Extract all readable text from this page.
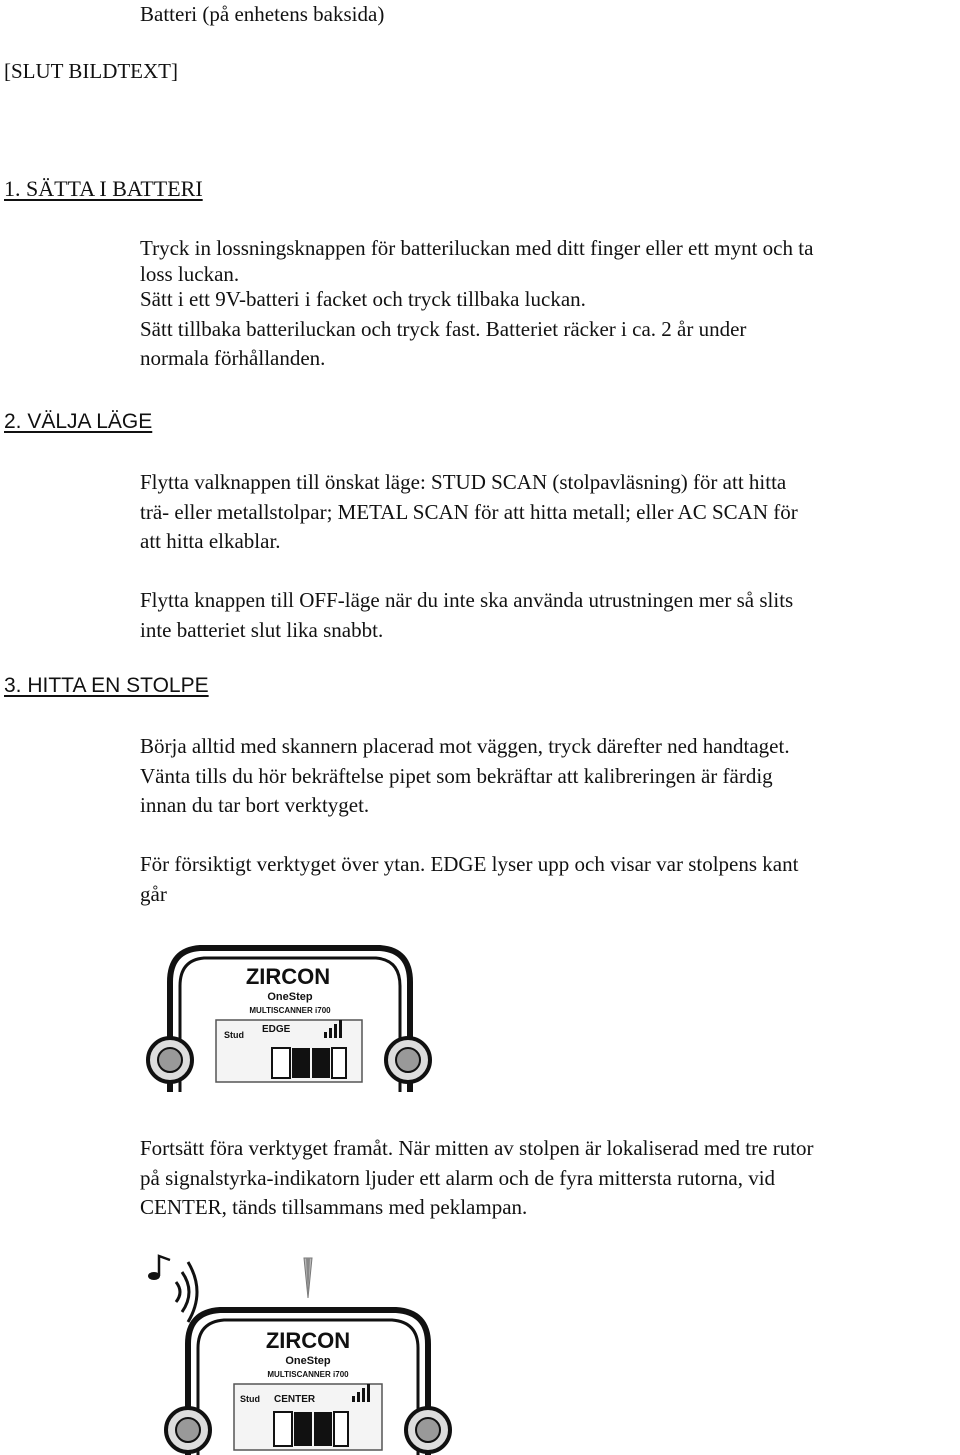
Batteri (på enhetens baksida)

[SLUT BILDTEXT]

1. SÄTTA I BATTERI
Tryck in lossningsknappen för batteriluckan med ditt finger eller ett mynt och ta
loss luckan.
Sätt i ett 9V-batteri i facket och tryck tillbaka luckan.
Sätt tillbaka batteriluckan och tryck fast. Batteriet räcker i ca. 2 år under
normala förhållanden.
2. VÄLJA LÄGE
Flytta valknappen till önskat läge: STUD SCAN (stolpavläsning) för att hitta
trä- eller metallstolpar; METAL SCAN för att hitta metall; eller AC SCAN för
att hitta elkablar.
Flytta knappen till OFF-läge när du inte ska använda utrustningen mer så slits
inte batteriet slut lika snabbt.
3. HITTA EN STOLPE
Börja alltid med skannern placerad mot väggen, tryck därefter ned handtaget.
Vänta tills du hör bekräftelse pipet som bekräftar att kalibreringen är färdig
innan du tar bort verktyget.
För försiktigt verktyget över ytan. EDGE lyser upp och visar var stolpens kant
går
ZIRCON
OneStep
MULTISCANNER i700
Stud EDGE
Fortsätt föra verktyget framåt. När mitten av stolpen är lokaliserad med tre rutor
på signalstyrka-indikatorn ljuder ett alarm och de fyra mittersta rutorna, vid
CENTER, tänds tillsammans med peklampan.
ZIRCON
OneStep
MULTISCANNER i700
Stud CENTER
